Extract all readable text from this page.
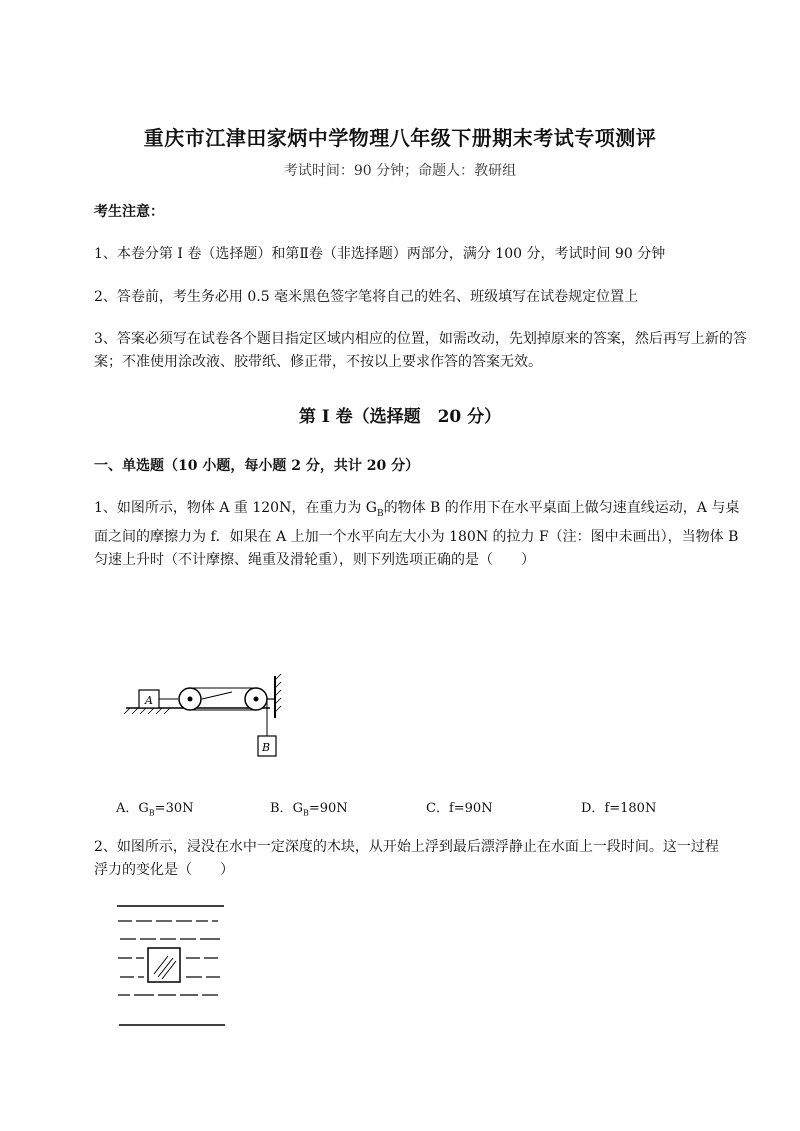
重庆市江津田家炳中学物理八年级下册期末考试专项测评
考试时间：90 分钟；命题人：教研组
考生注意：
1、本卷分第 I 卷（选择题）和第Ⅱ卷（非选择题）两部分，满分 100 分，考试时间 90 分钟
2、答卷前，考生务必用 0.5 毫米黑色签字笔将自己的姓名、班级填写在试卷规定位置上
3、答案必须写在试卷各个题目指定区域内相应的位置，如需改动，先划掉原来的答案，然后再写上新的答案；不准使用涂改液、胶带纸、修正带，不按以上要求作答的答案无效。
第 I 卷（选择题　20 分）
一、单选题（10 小题，每小题 2 分，共计 20 分）
1、如图所示，物体 A 重 120N，在重力为 $G_B$的物体 B 的作用下在水平桌面上做匀速直线运动，A 与桌
面之间的摩擦力为 f．如果在 A 上加一个水平向左大小为 180N 的拉力 F（注：图中未画出），当物体 B
匀速上升时（不计摩擦、绳重及滑轮重），则下列选项正确的是（　　）
A
B
A．$G_B=30N$	B．$G_B=90N$	C．f=90N	D．f=180N
2、如图所示，浸没在水中一定深度的木块，从开始上浮到最后漂浮静止在水面上一段时间。这一过程
浮力的变化是（　　）
